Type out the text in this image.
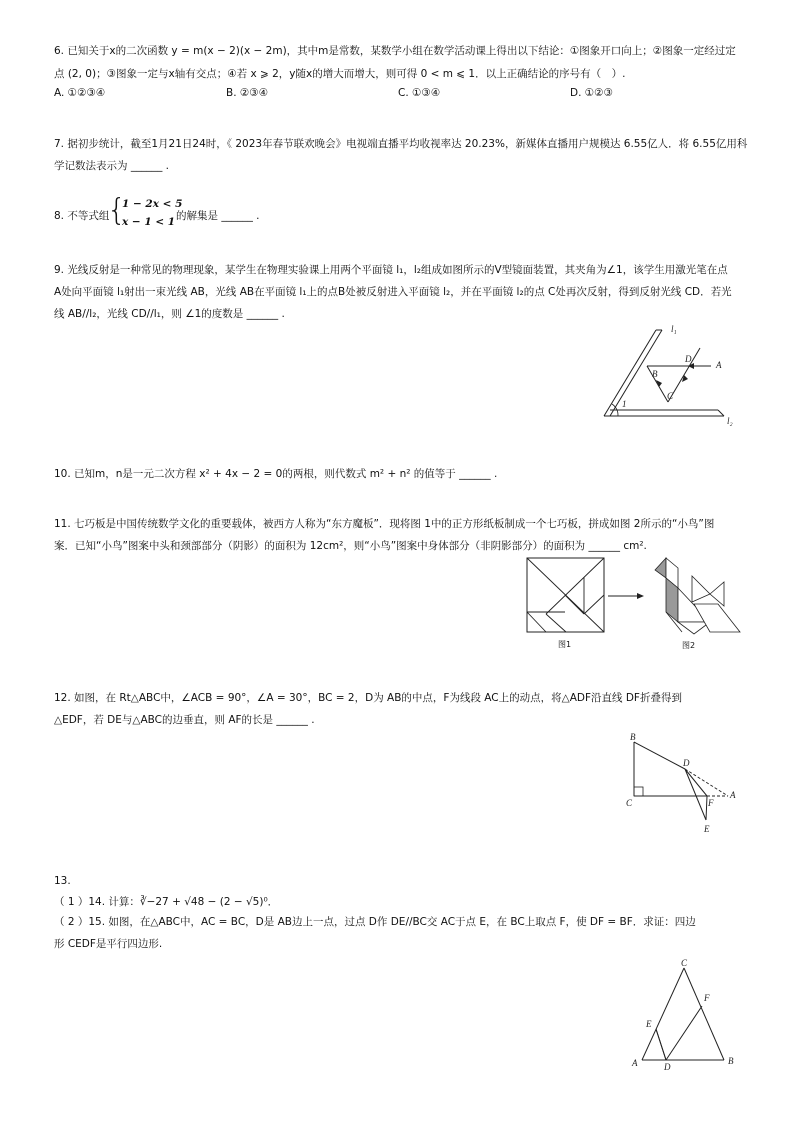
6. 已知关于x的二次函数 y = m(x − 2)(x − 2m)，其中m是常数，某数学小组在数学活动课上得出以下结论：①图象开口向上；②图象一定经过定
点 (2, 0)；③图象一定与x轴有交点；④若 x ⩾ 2，y随x的增大而增大，则可得 0 < m ⩽ 1．以上正确结论的序号有（　）.
A. ①②③④	B. ②③④	C. ①③④	D. ①②③
7. 据初步统计，截至1月21日24时，《 2023年春节联欢晚会》电视端直播平均收视率达 20.23%，新媒体直播用户规模达 6.55亿人．将 6.55亿用科
学记数法表示为 ______ .
8. 不等式组
{
1 − 2x < 5
x − 1 < 1 的解集是 ______ .
9. 光线反射是一种常见的物理现象，某学生在物理实验课上用两个平面镜 l₁，l₂组成如图所示的V型镜面装置，其夹角为∠1，该学生用激光笔在点
A处向平面镜 l₁射出一束光线 AB，光线 AB在平面镜 l₁上的点B处被反射进入平面镜 l₂，并在平面镜 l₂的点 C处再次反射，得到反射光线 CD．若光
线 AB//l₂，光线 CD//l₁，则 ∠1的度数是 ______ .
1
l₁
l₂
A
B
C
D
10. 已知m，n是一元二次方程 x² + 4x − 2 = 0的两根，则代数式 m² + n² 的值等于 ______ .
11. 七巧板是中国传统数学文化的重要载体，被西方人称为“东方魔板”．现将图 1中的正方形纸板制成一个七巧板，拼成如图 2所示的“小鸟”图
案．已知“小鸟”图案中头和颈部部分（阴影）的面积为 12cm²，则“小鸟”图案中身体部分（非阴影部分）的面积为 ______ cm².
图1	图2
12. 如图，在 Rt△ABC中，∠ACB = 90°，∠A = 30°，BC = 2，D为 AB的中点，F为线段 AC上的动点，将△ADF沿直线 DF折叠得到
△EDF，若 DE与△ABC的边垂直，则 AF的长是 ______ .
B
C
D
F
A
E
13.
（ 1 ）14. 计算：∛−27 + √48 − (2 − √5)⁰．
（ 2 ）15. 如图，在△ABC中，AC = BC，D是 AB边上一点，过点 D作 DE//BC交 AC于点 E，在 BC上取点 F，使 DF = BF．求证：四边
形 CEDF是平行四边形.
C
F
E
A	D
B
